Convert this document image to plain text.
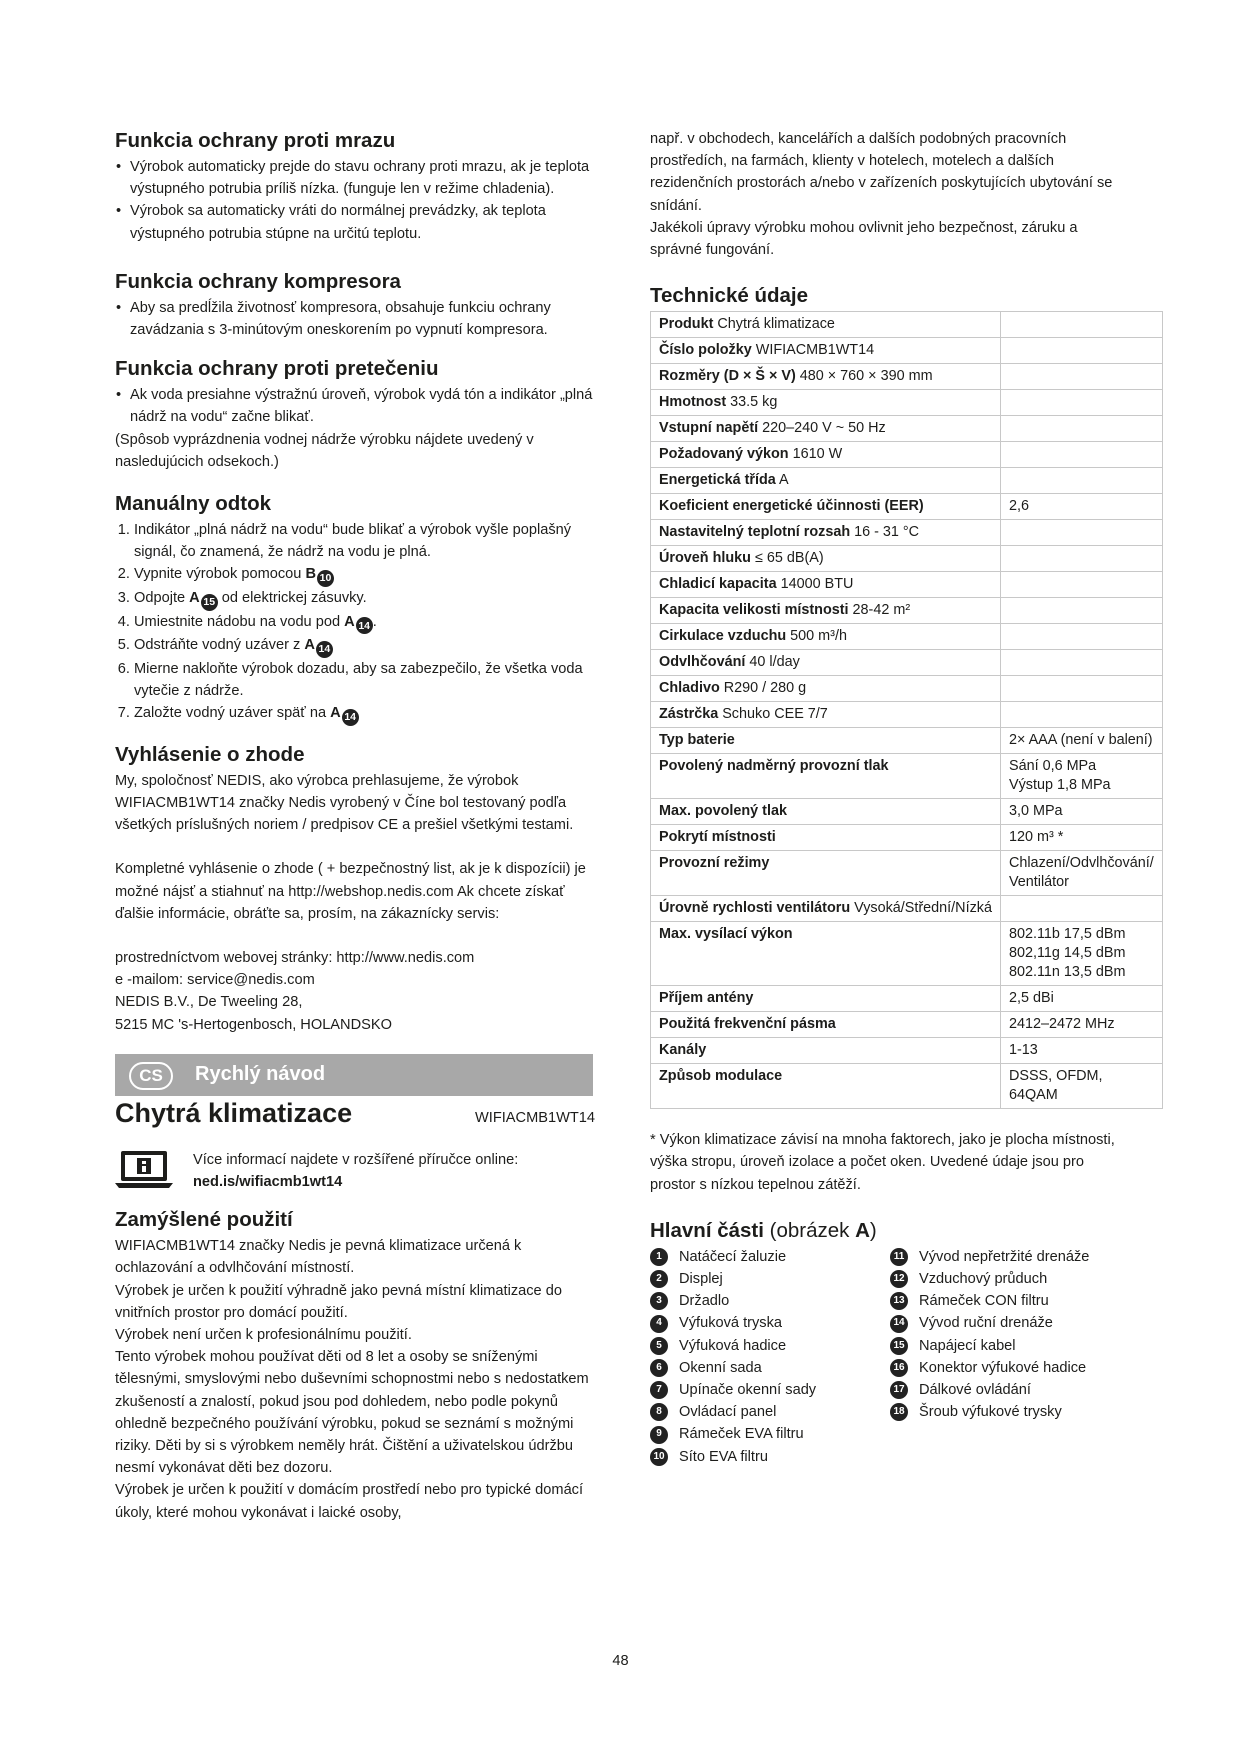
Funkcia ochrany proti mrazu
• Výrobok automaticky prejde do stavu ochrany proti mrazu, ak je teplota výstupného potrubia príliš nízka. (funguje len v režime chladenia).
• Výrobok sa automaticky vráti do normálnej prevádzky, ak teplota výstupného potrubia stúpne na určitú teplotu.
Funkcia ochrany kompresora
• Aby sa predĺžila životnosť kompresora, obsahuje funkciu ochrany zavádzania s 3-minútovým oneskorením po vypnutí kompresora.
Funkcia ochrany proti pretečeniu
• Ak voda presiahne výstražnú úroveň, výrobok vydá tón a indikátor „plná nádrž na vodu“ začne blikať.

(Spôsob vyprázdnenia vodnej nádrže výrobku nájdete uvedený v nasledujúcich odsekoch.)

Manuálny odtok
1. Indikátor „plná nádrž na vodu“ bude blikať a výrobok vyšle poplašný signál, čo znamená, že nádrž na vodu je plná.
2. Vypnite výrobok pomocou B 10
3. Odpojte A 15 od elektrickej zásuvky.
4. Umiestnite nádobu na vodu pod A 14 .
5. Odstráňte vodný uzáver z A 14
6. Mierne nakloňte výrobok dozadu, aby sa zabezpečilo, že všetka voda vytečie z nádrže.
7. Založte vodný uzáver späť na A 14
Vyhlásenie o zhode

My, spoločnosť NEDIS, ako výrobca prehlasujeme, že výrobok WIFIACMB1WT14 značky Nedis vyrobený v Číne bol testovaný podľa všetkých príslušných noriem / predpisov CE a prešiel všetkými testami.

Kompletné vyhlásenie o zhode ( + bezpečnostný list, ak je k dispozícii) je možné nájsť a stiahnuť na http://webshop.nedis.com Ak chcete získať ďalšie informácie, obráťte sa, prosím, na zákaznícky servis:

prostredníctvom webovej stránky: http://www.nedis.com

e -mailom: service@nedis.com

NEDIS B.V., De Tweeling 28,

5215 MC 's-Hertogenbosch, HOLANDSKO

CS	Rychlý návod
Chytrá klimatizace	WIFIACMB1WT14

Více informací najdete v rozšířené příručce online:

ned.is/wifiacmb1wt14

Zamýšlené použití

WIFIACMB1WT14 značky Nedis je pevná klimatizace určená k ochlazování a odvlhčování místností.

Výrobek je určen k použití výhradně jako pevná místní klimatizace do vnitřních prostor pro domácí použití.

Výrobek není určen k profesionálnímu použití.

Tento výrobek mohou používat děti od 8 let a osoby se sníženými tělesnými, smyslovými nebo duševními schopnostmi nebo s nedostatkem zkušeností a znalostí, pokud jsou pod dohledem, nebo podle pokynů ohledně bezpečného používání výrobku, pokud se seznámí s možnými riziky. Děti by si s výrobkem neměly hrát. Čištění a uživatelskou údržbu nesmí vykonávat děti bez dozoru.

Výrobek je určen k použití v domácím prostředí nebo pro typické domácí úkoly, které mohou vykonávat i laické osoby,

např. v obchodech, kancelářích a dalších podobných pracovních prostředích, na farmách, klienty v hotelech, motelech a dalších rezidenčních prostorách a/nebo v zařízeních poskytujících ubytování se snídání.

Jakékoli úpravy výrobku mohou ovlivnit jeho bezpečnost, záruku a správné fungování.

Technické údaje
Produkt Chytrá klimatizace	
Číslo položky WIFIACMB1WT14	
Rozměry (D × Š × V) 480 × 760 × 390 mm	
Hmotnost 33.5 kg	
Vstupní napětí 220–240 V ~ 50 Hz	
Požadovaný výkon 1610 W	
Energetická třída A	
Koeficient energetické účinnosti (EER)	2,6
Nastavitelný teplotní rozsah 16 - 31 °C	
Úroveň hluku ≤ 65 dB(A)	
Chladicí kapacita 14000 BTU	
Kapacita velikosti místnosti 28-42 m²	
Cirkulace vzduchu 500 m³/h	
Odvlhčování 40 l/day	
Chladivo R290 / 280 g	
Zástrčka Schuko CEE 7/7	
Typ baterie	2× AAA (není v balení)
Povolený nadměrný provozní tlak	Sání 0,6 MPa
Výstup 1,8 MPa
Max. povolený tlak	3,0 MPa
Pokrytí místnosti	120 m³ *
Provozní režimy	Chlazení/Odvlhčování/
Ventilátor
Úrovně rychlosti ventilátoru Vysoká/Střední/Nízká	
Max. vysílací výkon	802.11b 17,5 dBm
802,11g 14,5 dBm
802.11n 13,5 dBm
Příjem antény	2,5 dBi
Použitá frekvenční pásma	2412–2472 MHz
Kanály	1-13
Způsob modulace	DSSS, OFDM, 64QAM

* Výkon klimatizace závisí na mnoha faktorech, jako je plocha místnosti, výška stropu, úroveň izolace a počet oken. Uvedené údaje jsou pro prostor s nízkou tepelnou zátěží.

Hlavní části (obrázek A)
1	Natáčecí žaluzie
2	Displej
3	Držadlo
4	Výfuková tryska
5	Výfuková hadice
6	Okenní sada
7	Upínače okenní sady
8	Ovládací panel
9	Rámeček EVA filtru
10 Síto EVA filtru
11 Vývod nepřetržité drenáže
12 Vzduchový průduch
13 Rámeček CON filtru
14 Vývod ruční drenáže
15 Napájecí kabel
16 Konektor výfukové hadice
17 Dálkové ovládání
18 Šroub výfukové trysky
48
